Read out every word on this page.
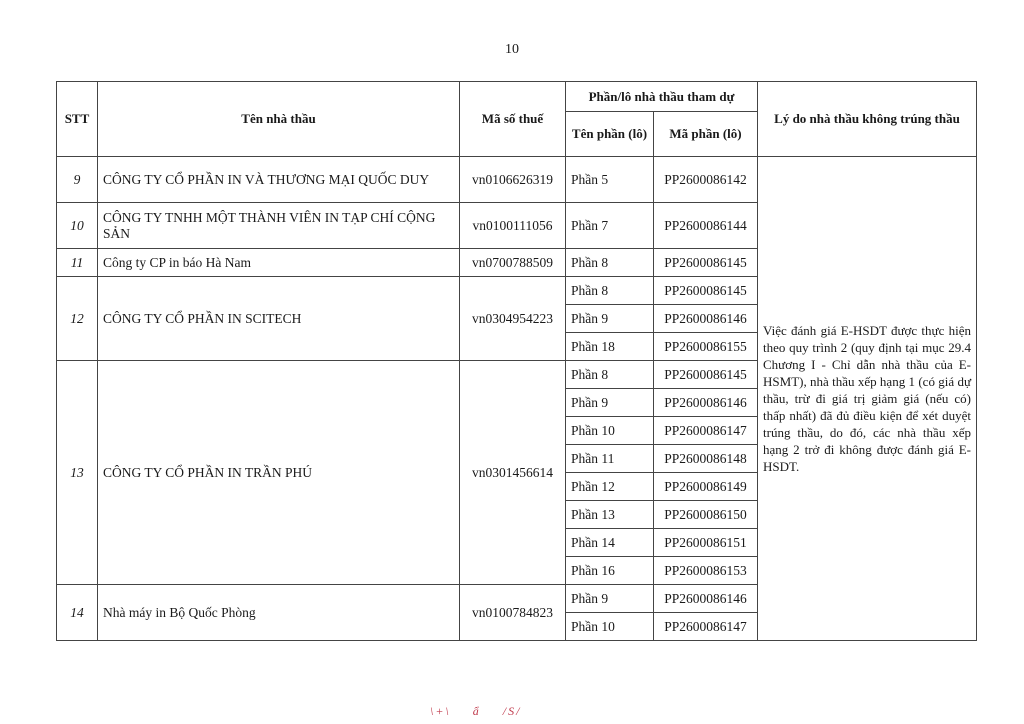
10
STT	Tên nhà thầu	Mã số thuế	Phần/lô nhà thầu tham dự		Lý do nhà thầu không trúng thầu
			Tên phần (lô)	Mã phần (lô)	
9	CÔNG TY CỔ PHẦN IN VÀ THƯƠNG MẠI QUỐC DUY	vn0106626319	Phần 5	PP2600086142	Việc đánh giá E-HSDT được thực hiện theo quy trình 2 (quy định tại mục 29.4 Chương I - Chỉ dẫn nhà thầu của E-HSMT), nhà thầu xếp hạng 1 (có giá dự thầu, trừ đi giá trị giảm giá (nếu có) thấp nhất) đã đủ điều kiện để xét duyệt trúng thầu, do đó, các nhà thầu xếp hạng 2 trở đi không được đánh giá E-HSDT.
10	CÔNG TY TNHH MỘT THÀNH VIÊN IN TẠP CHÍ CỘNG SẢN	vn0100111056	Phần 7	PP2600086144	
11	Công ty CP in báo Hà Nam	vn0700788509	Phần 8	PP2600086145	
12	CÔNG TY CỔ PHẦN IN SCITECH	vn0304954223	Phần 8	PP2600086145	
			Phần 9	PP2600086146	
			Phần 18	PP2600086155	
13	CÔNG TY CỔ PHẦN IN TRẦN PHÚ	vn0301456614	Phần 8	PP2600086145	
			Phần 9	PP2600086146	
			Phần 10	PP2600086147	
			Phần 11	PP2600086148	
			Phần 12	PP2600086149	
			Phần 13	PP2600086150	
			Phần 14	PP2600086151	
			Phần 16	PP2600086153	
14	Nhà máy in Bộ Quốc Phòng	vn0100784823	Phần 9	PP2600086146	
			Phần 10	PP2600086147	
\+\ ẩ /S/
